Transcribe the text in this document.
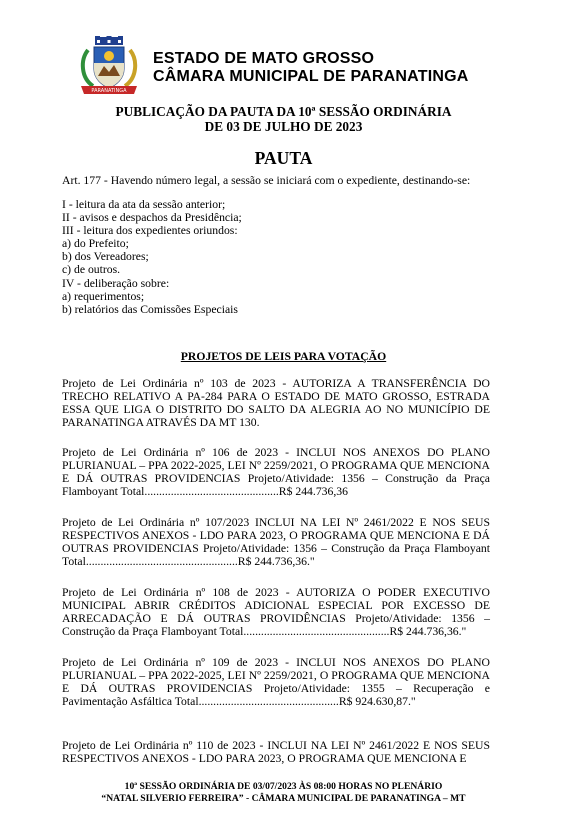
PARANATINGA
ESTADO DE MATO GROSSO
CÂMARA MUNICIPAL DE PARANATINGA
PUBLICAÇÃO DA PAUTA DA 10ª SESSÃO ORDINÁRIA
DE 03 DE JULHO DE 2023
PAUTA
Art. 177 - Havendo número legal, a sessão se iniciará com o expediente, destinando-se:
I - leitura da ata da sessão anterior;
II - avisos e despachos da Presidência;
III - leitura dos expedientes oriundos:
a) do Prefeito;
b) dos Vereadores;
c) de outros.
IV - deliberação sobre:
a) requerimentos;
b) relatórios das Comissões Especiais
PROJETOS DE LEIS PARA VOTAÇÃO
Projeto de Lei Ordinária nº 103 de 2023 - AUTORIZA A TRANSFERÊNCIA DO TRECHO RELATIVO A PA-284 PARA O ESTADO DE MATO GROSSO, ESTRADA ESSA QUE LIGA O DISTRITO DO SALTO DA ALEGRIA AO NO MUNICÍPIO DE PARANATINGA ATRAVÉS DA MT 130.
Projeto de Lei Ordinária nº 106 de 2023 - INCLUI NOS ANEXOS DO PLANO PLURIANUAL – PPA 2022-2025, LEI Nº 2259/2021, O PROGRAMA QUE MENCIONA E DÁ OUTRAS PROVIDENCIAS Projeto/Atividade: 1356 – Construção da Praça Flamboyant Total..............................................R$ 244.736,36
Projeto de Lei Ordinária nº 107/2023 INCLUI NA LEI Nº 2461/2022 E NOS SEUS RESPECTIVOS ANEXOS - LDO PARA 2023, O PROGRAMA QUE MENCIONA E DÁ OUTRAS PROVIDENCIAS Projeto/Atividade: 1356 – Construção da Praça Flamboyant Total....................................................R$ 244.736,36."
Projeto de Lei Ordinária nº 108 de 2023 - AUTORIZA O PODER EXECUTIVO MUNICIPAL ABRIR CRÉDITOS ADICIONAL ESPECIAL POR EXCESSO DE ARRECADAÇÃO E DÁ OUTRAS PROVIDÊNCIAS Projeto/Atividade: 1356 – Construção da Praça Flamboyant Total..................................................R$ 244.736,36."
Projeto de Lei Ordinária nº 109 de 2023 - INCLUI NOS ANEXOS DO PLANO PLURIANUAL – PPA 2022-2025, LEI Nº 2259/2021, O PROGRAMA QUE MENCIONA E DÁ OUTRAS PROVIDENCIAS Projeto/Atividade: 1355 – Recuperação e Pavimentação Asfáltica Total................................................R$ 924.630,87."
Projeto de Lei Ordinária nº 110 de 2023 - INCLUI NA LEI Nº 2461/2022 E NOS SEUS RESPECTIVOS ANEXOS - LDO PARA 2023, O PROGRAMA QUE MENCIONA E
10ª SESSÃO ORDINÁRIA DE 03/07/2023 ÀS 08:00 HORAS NO PLENÁRIO
“NATAL SILVERIO FERREIRA” - CÂMARA MUNICIPAL DE PARANATINGA – MT
